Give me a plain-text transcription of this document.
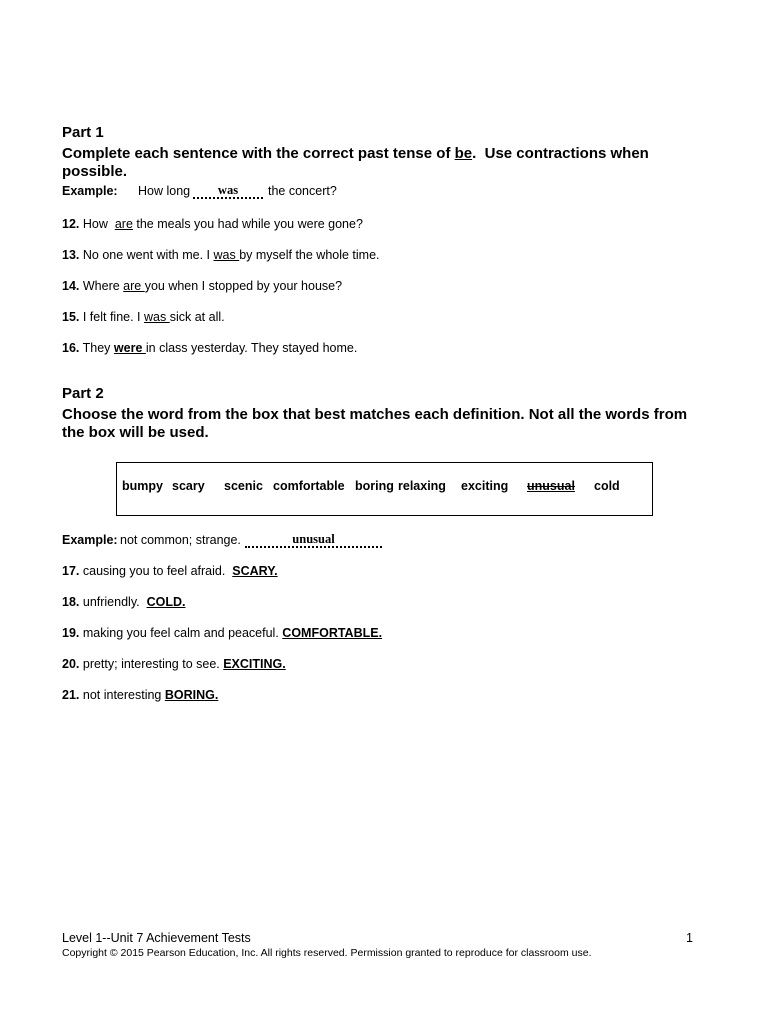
Part 1
Complete each sentence with the correct past tense of be.  Use contractions when possible.

Example:

How long

	was

	the concert?

12. How  are the meals you had while you were gone?
13. No one went with me. I was by myself the whole time.
14. Where are you when I stopped by your house?
15. I felt fine. I was sick at all.
16. They were in class yesterday. They stayed home.
Part 2
Choose the word from the box that best matches each definition. Not all the words from the box will be used.
bumpy scary scenic comfortable boring relaxing exciting unusual cold

Example:

not common; strange.

	unusual

17. causing you to feel afraid.  SCARY.
18. unfriendly.  COLD.
19. making you feel calm and peaceful. COMFORTABLE.
20. pretty; interesting to see. EXCITING.
21. not interesting BORING.
Level 1--Unit 7 Achievement Tests	1
Copyright © 2015 Pearson Education, Inc. All rights reserved. Permission granted to reproduce for classroom use.
